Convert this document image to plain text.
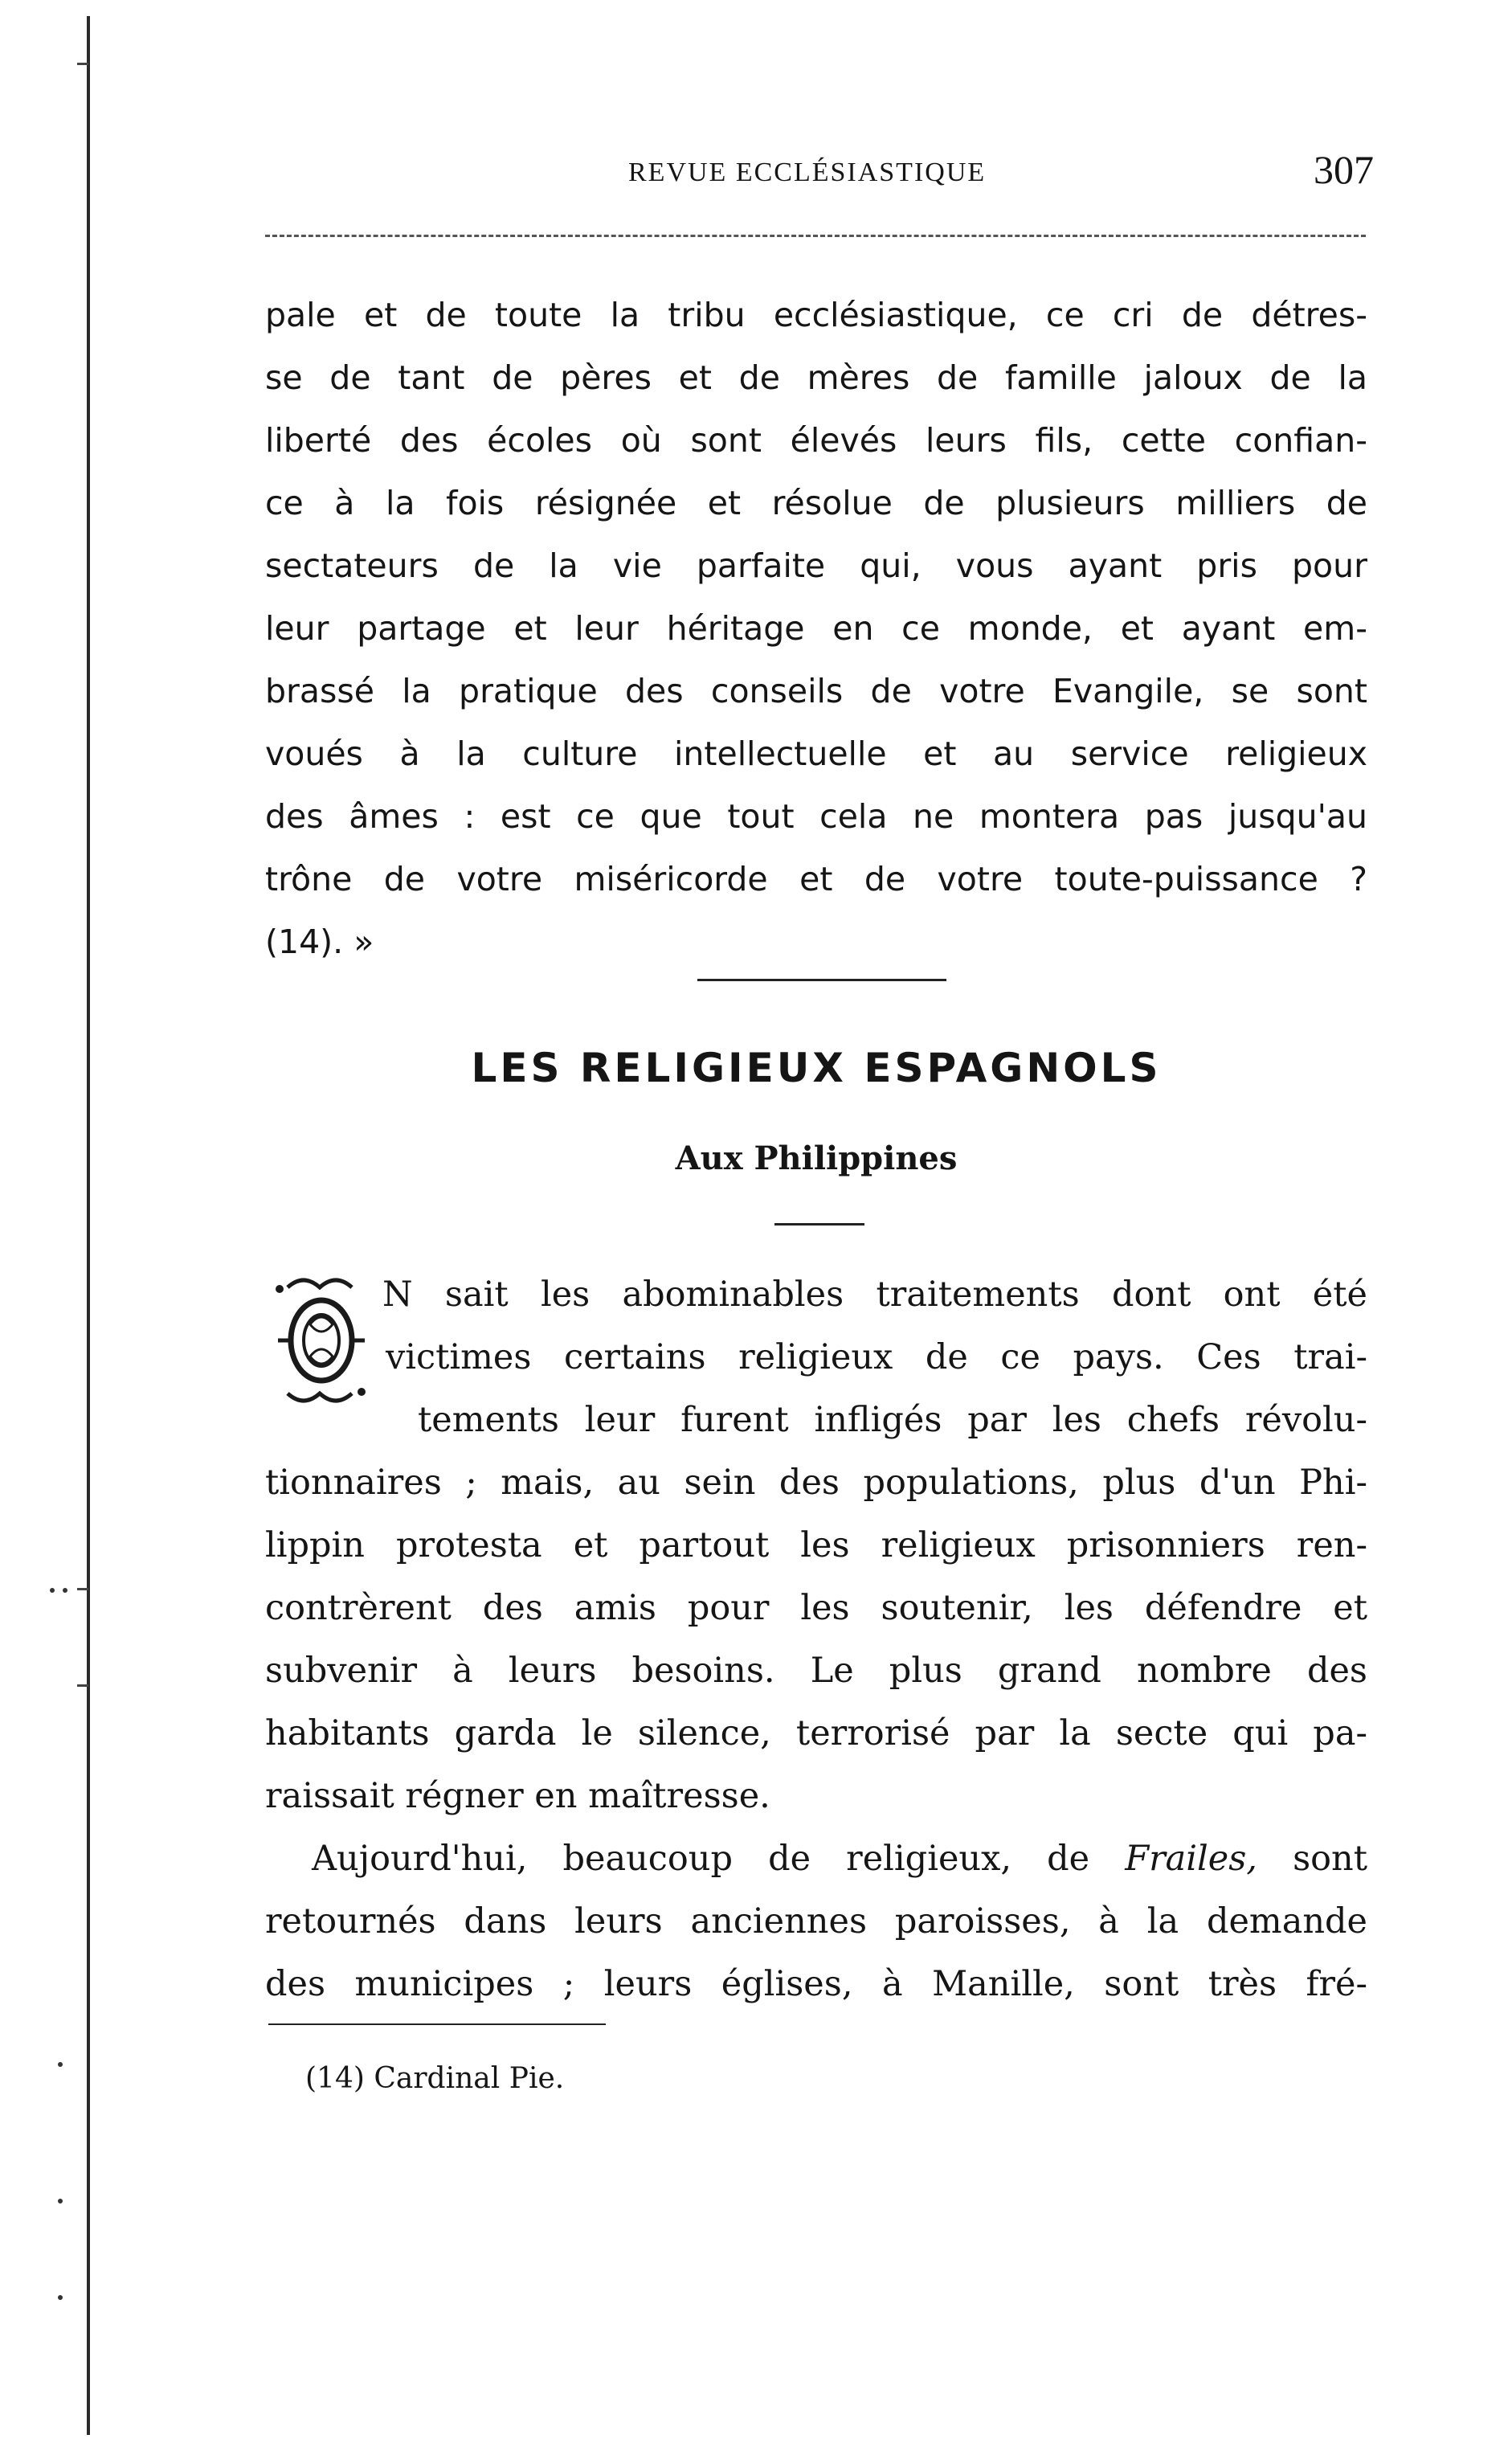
REVUE ECCLÉSIASTIQUE	307
pale et de toute la tribu ecclésiastique, ce cri de détres-
se de tant de pères et de mères de famille jaloux de la
liberté des écoles où sont élevés leurs fils, cette confian-
ce à la fois résignée et résolue de plusieurs milliers de
sectateurs de la vie parfaite qui, vous ayant pris pour
leur partage et leur héritage en ce monde, et ayant em-
brassé la pratique des conseils de votre Evangile, se sont
voués à la culture intellectuelle et au service religieux
des âmes : est ce que tout cela ne montera pas jusqu'au
trône de votre miséricorde et de votre toute-puissance ?
(14). »
LES RELIGIEUX ESPAGNOLS
Aux Philippines
N sait les abominables traitements dont ont été
victimes certains religieux de ce pays. Ces trai-
tements leur furent infligés par les chefs révolu-
tionnaires ; mais, au sein des populations, plus d'un Phi-
lippin protesta et partout les religieux prisonniers ren-
contrèrent des amis pour les soutenir, les défendre et
subvenir à leurs besoins. Le plus grand nombre des
habitants garda le silence, terrorisé par la secte qui pa-
raissait régner en maîtresse.
Aujourd'hui, beaucoup de religieux, de Frailes, sont
retournés dans leurs anciennes paroisses, à la demande
des municipes ; leurs églises, à Manille, sont très fré-
(14) Cardinal Pie.
